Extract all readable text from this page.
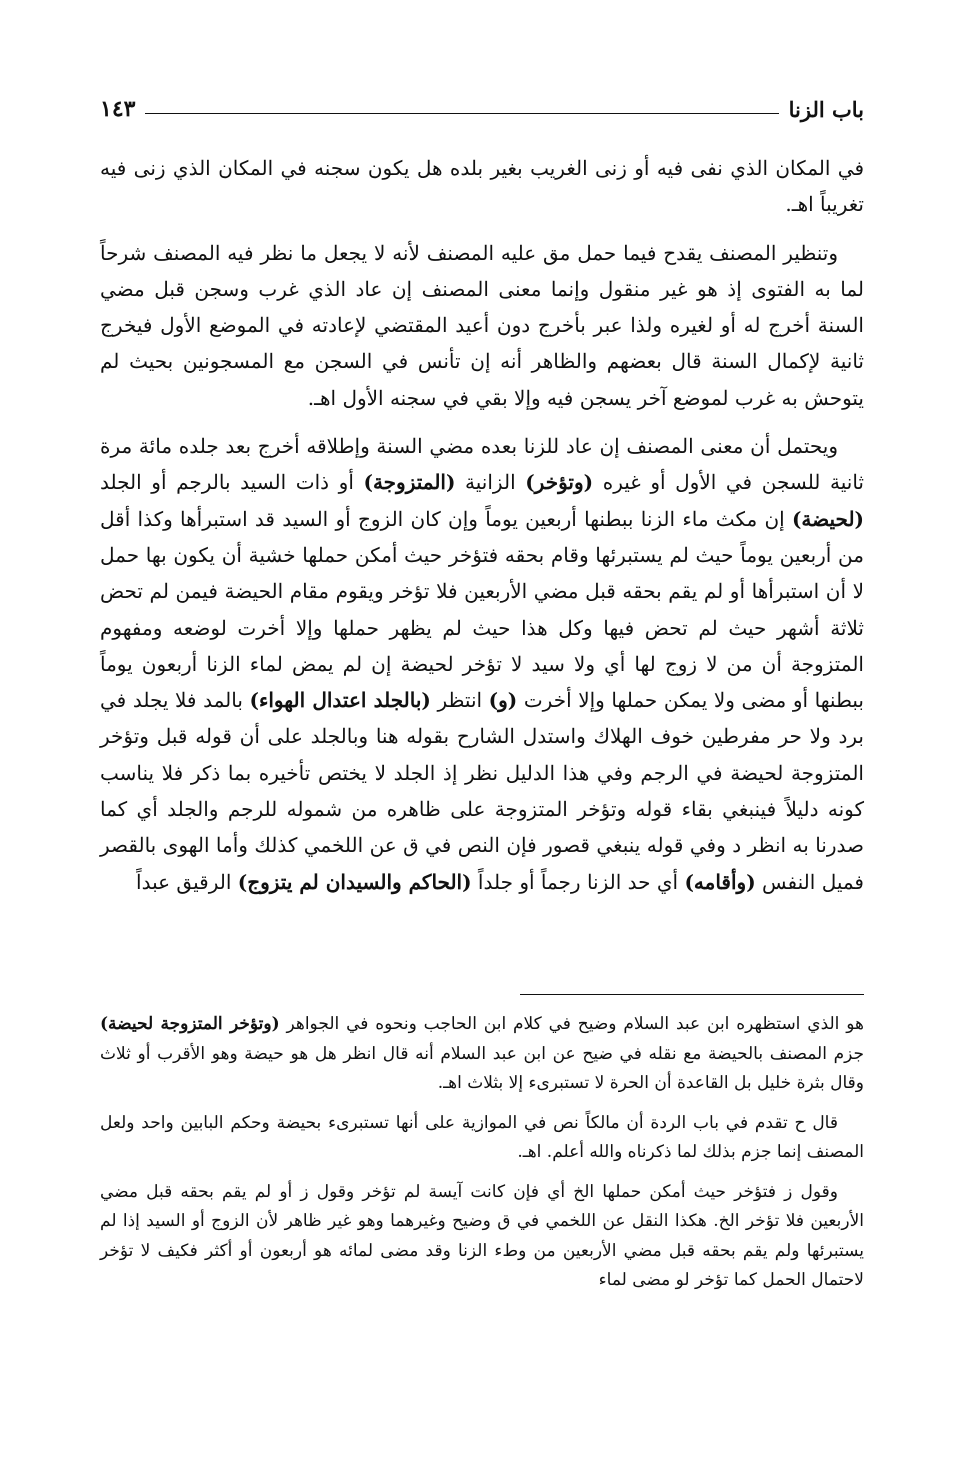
باب الزنا
١٤٣

في المكان الذي نفى فيه أو زنى الغريب بغير بلده هل يكون سجنه في المكان الذي زنى فيه تغريباً اهـ.

وتنظير المصنف يقدح فيما حمل مق عليه المصنف لأنه لا يجعل ما نظر فيه المصنف شرحاً لما به الفتوى إذ هو غير منقول وإنما معنى المصنف إن عاد الذي غرب وسجن قبل مضي السنة أخرج له أو لغيره ولذا عبر بأخرج دون أعيد المقتضي لإعادته في الموضع الأول فيخرج ثانية لإكمال السنة قال بعضهم والظاهر أنه إن تأنس في السجن مع المسجونين بحيث لم يتوحش به غرب لموضع آخر يسجن فيه وإلا بقي في سجنه الأول اهـ.

ويحتمل أن معنى المصنف إن عاد للزنا بعده مضي السنة وإطلاقه أخرج بعد جلده مائة مرة ثانية للسجن في الأول أو غيره (وتؤخر) الزانية (المتزوجة) أو ذات السيد بالرجم أو الجلد (لحيضة) إن مكث ماء الزنا ببطنها أربعين يوماً وإن كان الزوج أو السيد قد استبرأها وكذا أقل من أربعين يوماً حيث لم يستبرئها وقام بحقه فتؤخر حيث أمكن حملها خشية أن يكون بها حمل لا أن استبرأها أو لم يقم بحقه قبل مضي الأربعين فلا تؤخر ويقوم مقام الحيضة فيمن لم تحض ثلاثة أشهر حيث لم تحض فيها وكل هذا حيث لم يظهر حملها وإلا أخرت لوضعه ومفهوم المتزوجة أن من لا زوج لها أي ولا سيد لا تؤخر لحيضة إن لم يمض لماء الزنا أربعون يوماً ببطنها أو مضى ولا يمكن حملها وإلا أخرت (و) انتظر (بالجلد اعتدال الهواء) بالمد فلا يجلد في برد ولا حر مفرطين خوف الهلاك واستدل الشارح بقوله هنا وبالجلد على أن قوله قبل وتؤخر المتزوجة لحيضة في الرجم وفي هذا الدليل نظر إذ الجلد لا يختص تأخيره بما ذكر فلا يناسب كونه دليلاً فينبغي بقاء قوله وتؤخر المتزوجة على ظاهره من شموله للرجم والجلد أي كما صدرنا به انظر د وفي قوله ينبغي قصور فإن النص في ق عن اللخمي كذلك وأما الهوى بالقصر فميل النفس (وأقامه) أي حد الزنا رجماً أو جلداً (الحاكم والسيدان لم يتزوج) الرقيق عبداً

هو الذي استظهره ابن عبد السلام وضيح في كلام ابن الحاجب ونحوه في الجواهر (وتؤخر المتزوجة لحيضة) جزم المصنف بالحيضة مع نقله في ضيح عن ابن عبد السلام أنه قال انظر هل هو حيضة وهو الأقرب أو ثلاث وقال بثرة خليل بل القاعدة أن الحرة لا تستبرىء إلا بثلاث اهـ.

قال ح تقدم في باب الردة أن مالكاً نص في الموازية على أنها تستبرىء بحيضة وحكم البابين واحد ولعل المصنف إنما جزم بذلك لما ذكرناه والله أعلم. اهـ.

وقول ز فتؤخر حيث أمكن حملها الخ أي فإن كانت آيسة لم تؤخر وقول ز أو لم يقم بحقه قبل مضي الأربعين فلا تؤخر الخ. هكذا النقل عن اللخمي في ق وضيح وغيرهما وهو غير ظاهر لأن الزوج أو السيد إذا لم يستبرئها ولم يقم بحقه قبل مضي الأربعين من وطء الزنا وقد مضى لمائه هو أربعون أو أكثر فكيف لا تؤخر لاحتمال الحمل كما تؤخر لو مضى لماء
